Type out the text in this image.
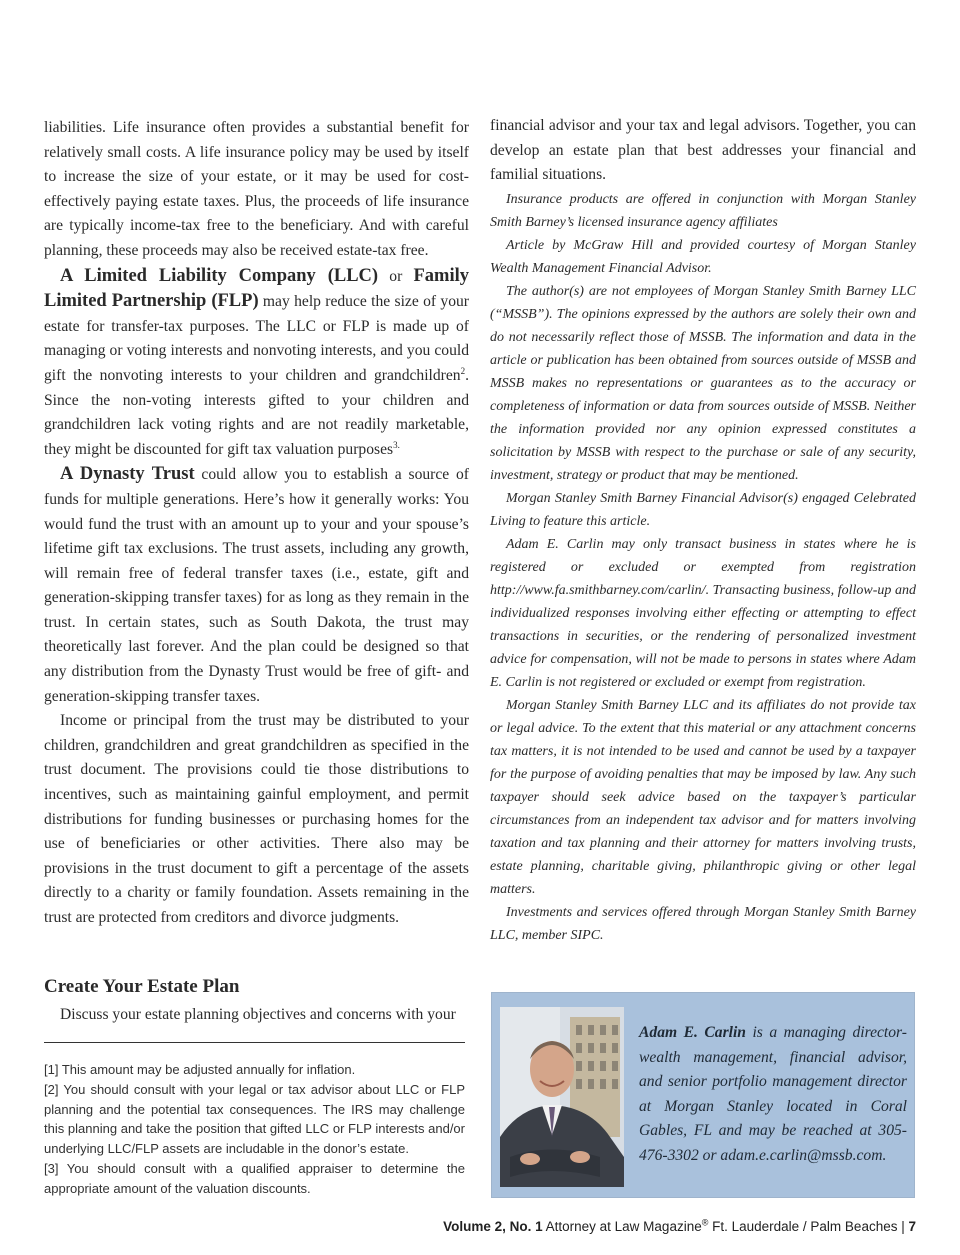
liabilities. Life insurance often provides a substantial benefit for relatively small costs. A life insurance policy may be used by itself to increase the size of your estate, or it may be used for cost-effectively paying estate taxes. Plus, the proceeds of life insurance are typically income-tax free to the beneficiary. And with careful planning, these proceeds may also be received estate-tax free.

A Limited Liability Company (LLC) or Family Limited Partnership (FLP) may help reduce the size of your estate for transfer-tax purposes. The LLC or FLP is made up of managing or voting interests and nonvoting interests, and you could gift the nonvoting interests to your children and grandchildren$^2$. Since the non-voting interests gifted to your children and grandchildren lack voting rights and are not readily marketable, they might be discounted for gift tax valuation purposes$^{3.}$

A Dynasty Trust could allow you to establish a source of funds for multiple generations. Here’s how it generally works: You would fund the trust with an amount up to your and your spouse’s lifetime gift tax exclusions. The trust assets, including any growth, will remain free of federal transfer taxes (i.e., estate, gift and generation-skipping transfer taxes) for as long as they remain in the trust. In certain states, such as South Dakota, the trust may theoretically last forever. And the plan could be designed so that any distribution from the Dynasty Trust would be free of gift- and generation-skipping transfer taxes.

Income or principal from the trust may be distributed to your children, grandchildren and great grandchildren as specified in the trust document. The provisions could tie those distributions to incentives, such as maintaining gainful employment, and permit distributions for funding businesses or purchasing homes for the use of beneficiaries or other activities. There also may be provisions in the trust document to gift a percentage of the assets directly to a charity or family foundation. Assets remaining in the trust are protected from creditors and divorce judgments.

Create Your Estate Plan
Discuss your estate planning objectives and concerns with your

[1] This amount may be adjusted annually for inflation.

[2] You should consult with your legal or tax advisor about LLC or FLP planning and the potential tax consequences. The IRS may challenge this planning and take the position that gifted LLC or FLP interests and/or underlying LLC/FLP assets are includable in the donor’s estate.

[3] You should consult with a qualified appraiser to determine the appropriate amount of the valuation discounts.

financial advisor and your tax and legal advisors. Together, you can develop an estate plan that best addresses your financial and familial situations.

Insurance products are offered in conjunction with Morgan Stanley Smith Barney’s licensed insurance agency affiliates

Article by McGraw Hill and provided courtesy of Morgan Stanley Wealth Management Financial Advisor.

The author(s) are not employees of Morgan Stanley Smith Barney LLC (“MSSB”). The opinions expressed by the authors are solely their own and do not necessarily reflect those of MSSB. The information and data in the article or publication has been obtained from sources outside of MSSB and MSSB makes no representations or guarantees as to the accuracy or completeness of information or data from sources outside of MSSB. Neither the information provided nor any opinion expressed constitutes a solicitation by MSSB with respect to the purchase or sale of any security, investment, strategy or product that may be mentioned.

Morgan Stanley Smith Barney Financial Advisor(s) engaged Celebrated Living to feature this article.

Adam E. Carlin may only transact business in states where he is registered or excluded or exempted from registration http://www.fa.smithbarney.com/carlin/. Transacting business, follow-up and individualized responses involving either effecting or attempting to effect transactions in securities, or the rendering of personalized investment advice for compensation, will not be made to persons in states where Adam E. Carlin is not registered or excluded or exempt from registration.

Morgan Stanley Smith Barney LLC and its affiliates do not provide tax or legal advice. To the extent that this material or any attachment concerns tax matters, it is not intended to be used and cannot be used by a taxpayer for the purpose of avoiding penalties that may be imposed by law. Any such taxpayer should seek advice based on the taxpayer’s particular circumstances from an independent tax advisor and for matters involving taxation and tax planning and their attorney for matters involving trusts, estate planning, charitable giving, philanthropic giving or other legal matters.

Investments and services offered through Morgan Stanley Smith Barney LLC, member SIPC.

Adam E. Carlin is a managing director-wealth management, financial advisor, and senior portfolio management director at Morgan Stanley located in Coral Gables, FL and may be reached at 305-476-3302 or adam.e.carlin@mssb.com.
Volume 2, No. 1 Attorney at Law Magazine® Ft. Lauderdale / Palm Beaches | 7
